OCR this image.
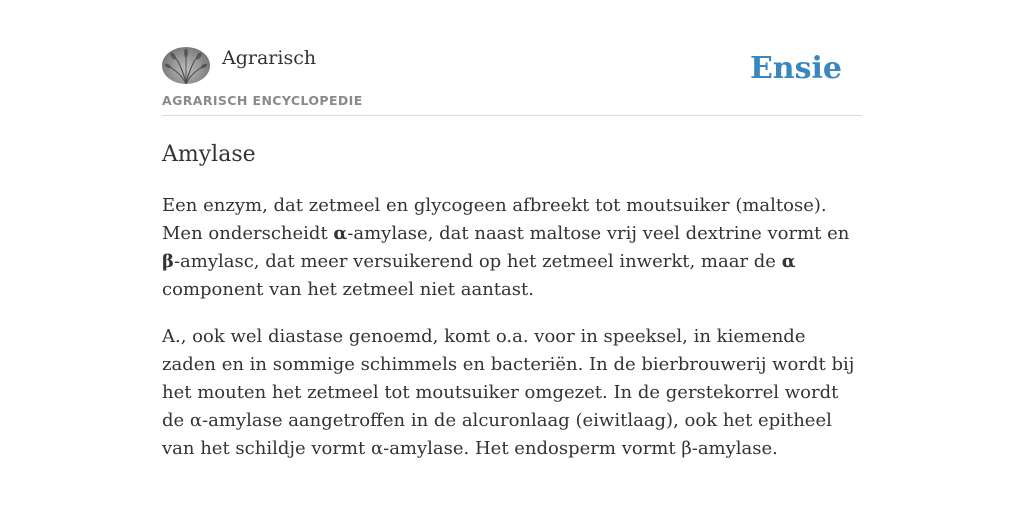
Agrarisch

AGRARISCH ENCYCLOPEDIE

Ensie
Amylase

Een enzym, dat zetmeel en glycogeen afbreekt tot moutsuiker (maltose). Men onderscheidt α-amylase, dat naast maltose vrij veel dextrine vormt en β-amylasc, dat meer versuikerend op het zetmeel inwerkt, maar de α component van het zetmeel niet aantast.

A., ook wel diastase genoemd, komt o.a. voor in speeksel, in kiemende zaden en in sommige schimmels en bacteriën. In de bierbrouwerij wordt bij het mouten het zetmeel tot moutsuiker omgezet. In de gerstekorrel wordt de α-amylase aangetroffen in de alcuronlaag (eiwitlaag), ook het epitheel van het schildje vormt α-amylase. Het endosperm vormt β-amylase.
